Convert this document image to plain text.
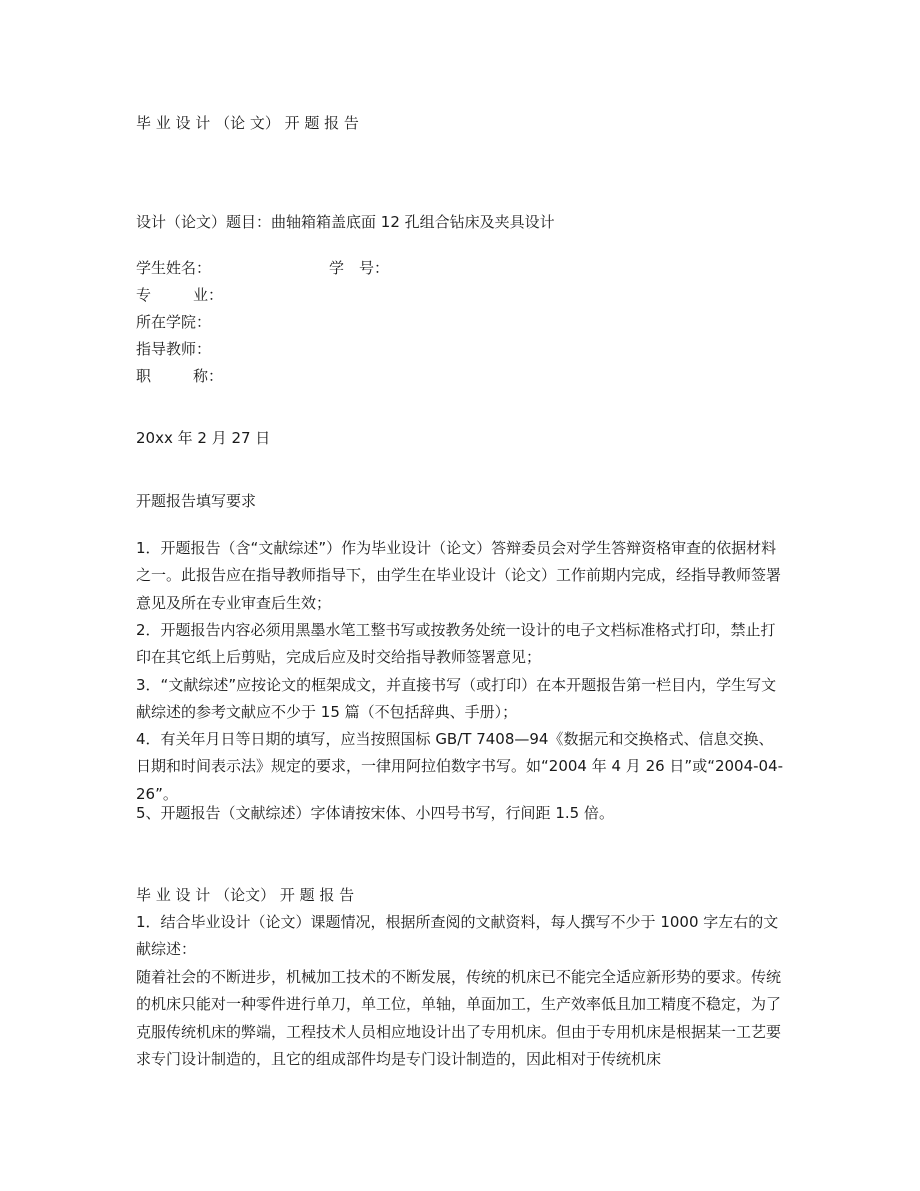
毕 业 设 计 （论 文） 开 题 报 告
设计（论文）题目：曲轴箱箱盖底面 12 孔组合钻床及夹具设计
学生姓名：	学　号：
专	业：
所在学院：
指导教师：
职	称：
20xx 年 2 月 27 日
开题报告填写要求

1．开题报告（含“文献综述”）作为毕业设计（论文）答辩委员会对学生答辩资格审查的依据材料之一。此报告应在指导教师指导下，由学生在毕业设计（论文）工作前期内完成，经指导教师签署意见及所在专业审查后生效；

2．开题报告内容必须用黑墨水笔工整书写或按教务处统一设计的电子文档标准格式打印，禁止打印在其它纸上后剪贴，完成后应及时交给指导教师签署意见；

3．“文献综述”应按论文的框架成文，并直接书写（或打印）在本开题报告第一栏目内，学生写文献综述的参考文献应不少于 15 篇（不包括辞典、手册）；

4．有关年月日等日期的填写，应当按照国标 GB/T 7408—94《数据元和交换格式、信息交换、日期和时间表示法》规定的要求，一律用阿拉伯数字书写。如“2004 年 4 月 26 日”或“2004-04-26”。

5、开题报告（文献综述）字体请按宋体、小四号书写，行间距 1.5 倍。

毕 业 设 计 （论文） 开 题 报 告

1．结合毕业设计（论文）课题情况，根据所查阅的文献资料，每人撰写不少于 1000 字左右的文献综述：

随着社会的不断进步，机械加工技术的不断发展，传统的机床已不能完全适应新形势的要求。传统的机床只能对一种零件进行单刀，单工位，单轴，单面加工，生产效率低且加工精度不稳定，为了克服传统机床的弊端，工程技术人员相应地设计出了专用机床。但由于专用机床是根据某一工艺要求专门设计制造的，且它的组成部件均是专门设计制造的，因此相对于传统机床
